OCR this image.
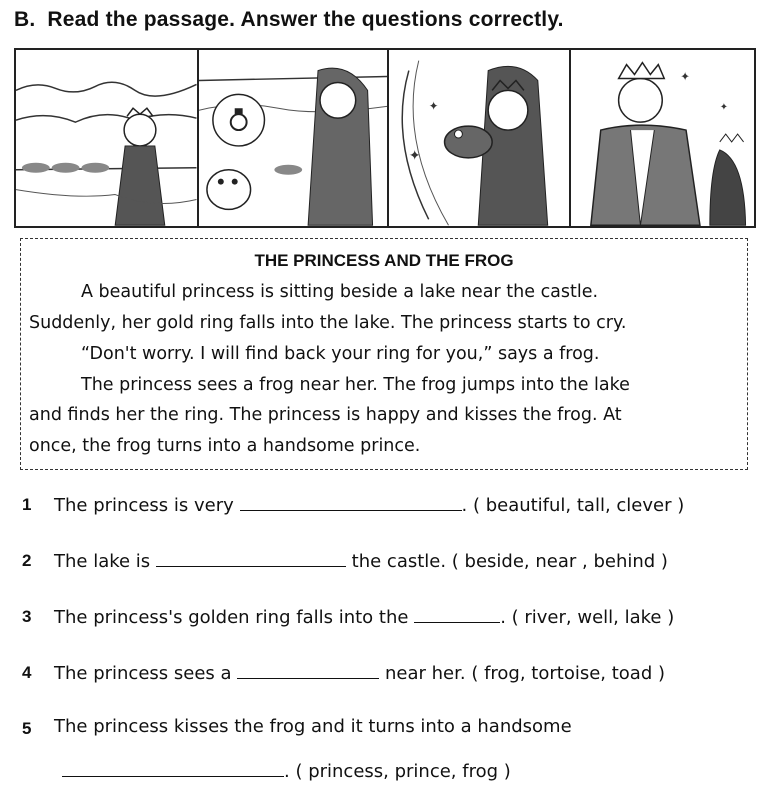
B. Read the passage. Answer the questions correctly.
✦
✦
✦
✦
THE PRINCESS AND THE FROG
A beautiful princess is sitting beside a lake near the castle.
Suddenly, her gold ring falls into the lake. The princess starts to cry.
“Don't worry. I will find back your ring for you,” says a frog.
The princess sees a frog near her. The frog jumps into the lake
and finds her the ring. The princess is happy and kisses the frog. At
once, the frog turns into a handsome prince.
1 The princess is very	. ( beautiful, tall, clever )
2 The lake is	the castle. ( beside, near , behind )
3 The princess's golden ring falls into the	. ( river, well, lake )
4 The princess sees a	near her. ( frog, tortoise, toad )
5 The princess kisses the frog and it turns into a handsome
. ( princess, prince, frog )
